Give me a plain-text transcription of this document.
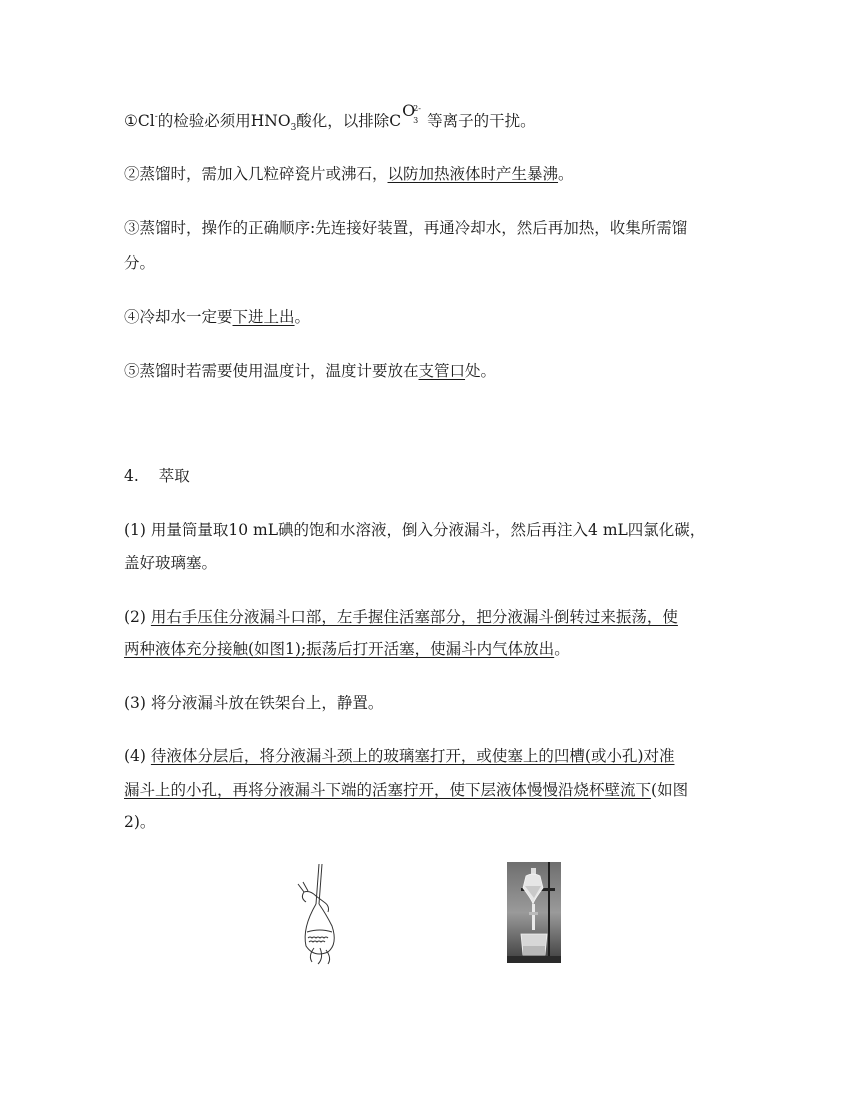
①Cl-的检验必须用$HNO_3$酸化，以排除C
O
2-
3 等离子的干扰。
②蒸馏时，需加入几粒碎瓷片或沸石，以防加热液体时产生暴沸。
③蒸馏时，操作的正确顺序:先连接好装置，再通冷却水，然后再加热，收集所需馏
分。
④冷却水一定要下进上出。
⑤蒸馏时若需要使用温度计，温度计要放在支管口处。
4. 萃取
(1) 用量筒量取10 mL碘的饱和水溶液，倒入分液漏斗，然后再注入4 mL四氯化碳，
盖好玻璃塞。
(2) 用右手压住分液漏斗口部，左手握住活塞部分，把分液漏斗倒转过来振荡，使
两种液体充分接触(如图1);振荡后打开活塞，使漏斗内气体放出。
(3) 将分液漏斗放在铁架台上，静置。
(4) 待液体分层后，将分液漏斗颈上的玻璃塞打开，或使塞上的凹槽(或小孔)对准
漏斗上的小孔，再将分液漏斗下端的活塞拧开，使下层液体慢慢沿烧杯壁流下(如图
2)。
